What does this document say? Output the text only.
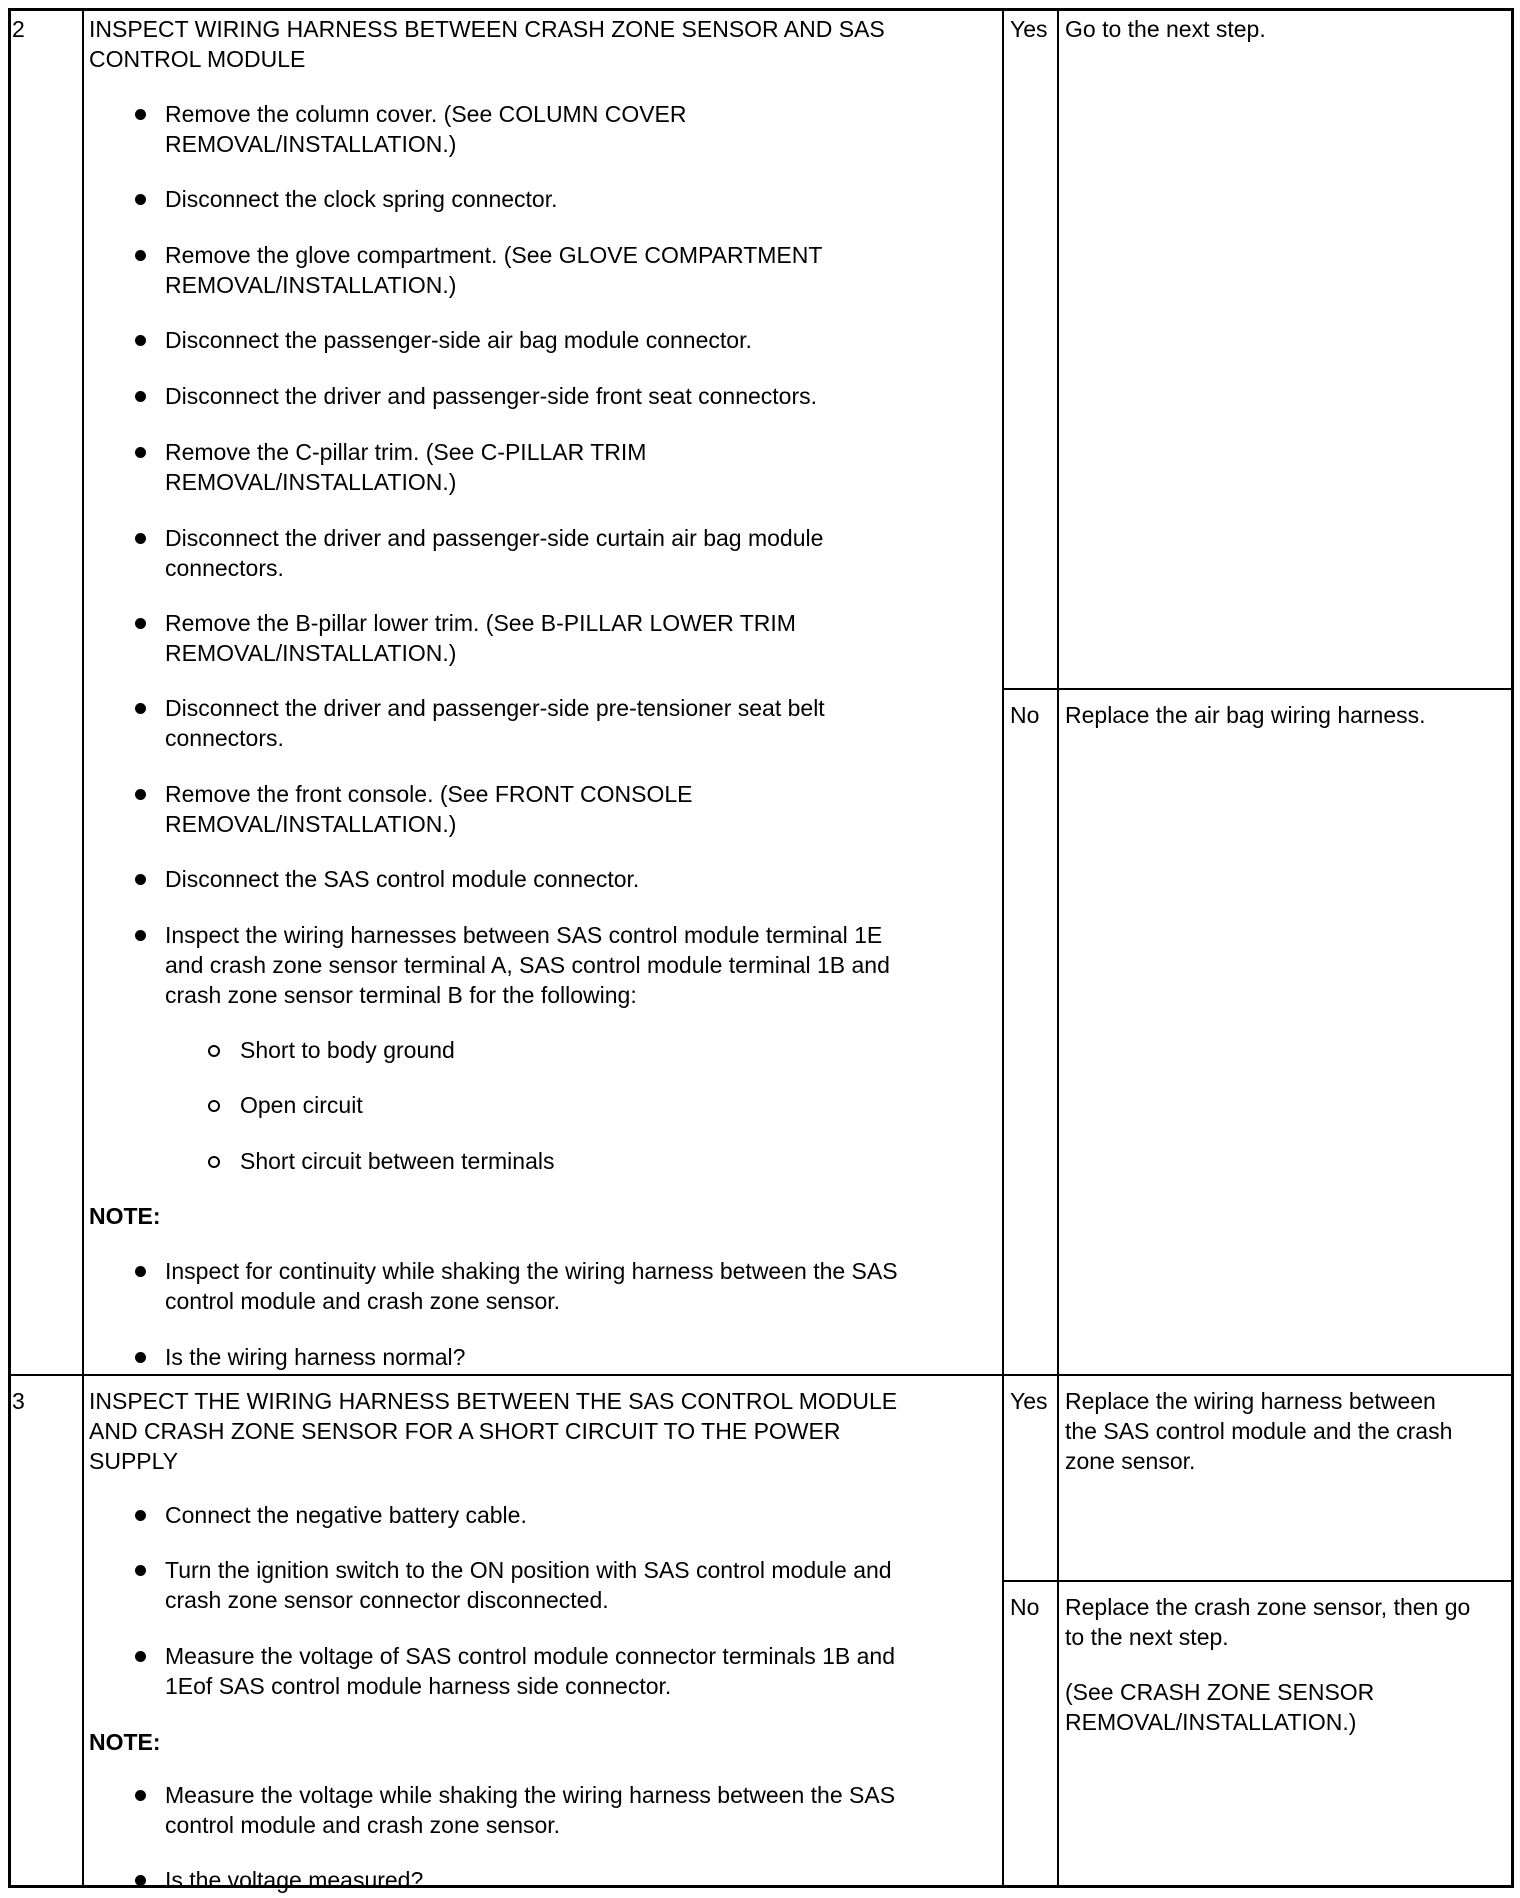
2	INSPECT WIRING HARNESS BETWEEN CRASH ZONE SENSOR AND SAS
CONTROL MODULE
Yes Go to the next step.
No Replace the air bag wiring harness.
Remove the column cover. (See COLUMN COVER
REMOVAL/INSTALLATION.)
Disconnect the clock spring connector.
Remove the glove compartment. (See GLOVE COMPARTMENT
REMOVAL/INSTALLATION.)
Disconnect the passenger-side air bag module connector.
Disconnect the driver and passenger-side front seat connectors.
Remove the C-pillar trim. (See C-PILLAR TRIM
REMOVAL/INSTALLATION.)
Disconnect the driver and passenger-side curtain air bag module
connectors.
Remove the B-pillar lower trim. (See B-PILLAR LOWER TRIM
REMOVAL/INSTALLATION.)
Disconnect the driver and passenger-side pre-tensioner seat belt
connectors.
Remove the front console. (See FRONT CONSOLE
REMOVAL/INSTALLATION.)
Disconnect the SAS control module connector.
Inspect the wiring harnesses between SAS control module terminal 1E
and crash zone sensor terminal A, SAS control module terminal 1B and
crash zone sensor terminal B for the following:
Short to body ground
Open circuit
Short circuit between terminals
NOTE:
Inspect for continuity while shaking the wiring harness between the SAS
control module and crash zone sensor.
Is the wiring harness normal?
3	INSPECT THE WIRING HARNESS BETWEEN THE SAS CONTROL MODULE
AND CRASH ZONE SENSOR FOR A SHORT CIRCUIT TO THE POWER
SUPPLY
Yes Replace the wiring harness between
the SAS control module and the crash
zone sensor.
No Replace the crash zone sensor, then go
to the next step.
(See CRASH ZONE SENSOR
REMOVAL/INSTALLATION.)
Connect the negative battery cable.
Turn the ignition switch to the ON position with SAS control module and
crash zone sensor connector disconnected.
Measure the voltage of SAS control module connector terminals 1B and
1Eof SAS control module harness side connector.
NOTE:
Measure the voltage while shaking the wiring harness between the SAS
control module and crash zone sensor.
Is the voltage measured?
